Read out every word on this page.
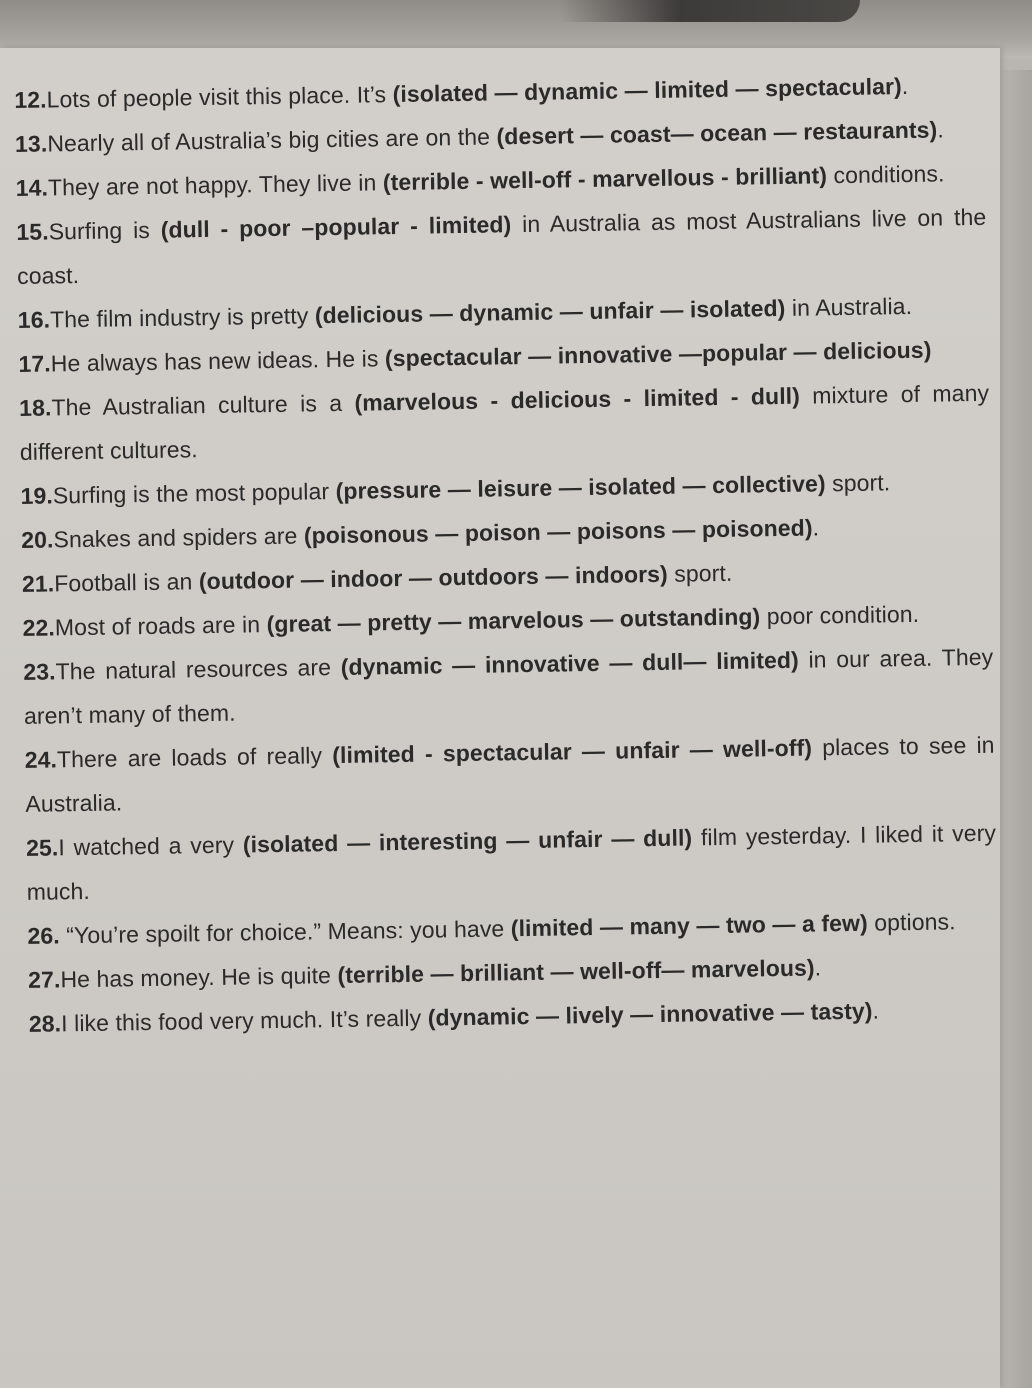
12.Lots of people visit this place. It’s (isolated — dynamic — limited — spectacular).

13.Nearly all of Australia’s big cities are on the (desert — coast— ocean — restaurants).

14.They are not happy. They live in (terrible - well-off - marvellous - brilliant) conditions.

15.Surfing is (dull - poor –popular - limited) in Australia as most Australians live on the coast.

16.The film industry is pretty (delicious — dynamic — unfair — isolated) in Australia.

17.He always has new ideas. He is (spectacular — innovative —popular — delicious)

18.The Australian culture is a (marvelous - delicious - limited - dull) mixture of many different cultures.

19.Surfing is the most popular (pressure — leisure — isolated — collective) sport.

20.Snakes and spiders are (poisonous — poison — poisons — poisoned).

21.Football is an (outdoor — indoor — outdoors — indoors) sport.

22.Most of roads are in (great — pretty — marvelous — outstanding) poor condition.

23.The natural resources are (dynamic — innovative — dull— limited) in our area. They aren’t many of them.

24.There are loads of really (limited - spectacular — unfair — well-off) places to see in Australia.

25.I watched a very (isolated — interesting — unfair — dull) film yesterday. I liked it very much.

26. “You’re spoilt for choice.” Means: you have (limited — many — two — a few) options.

27.He has money. He is quite (terrible — brilliant — well-off— marvelous).

28.I like this food very much. It’s really (dynamic — lively — innovative — tasty).
